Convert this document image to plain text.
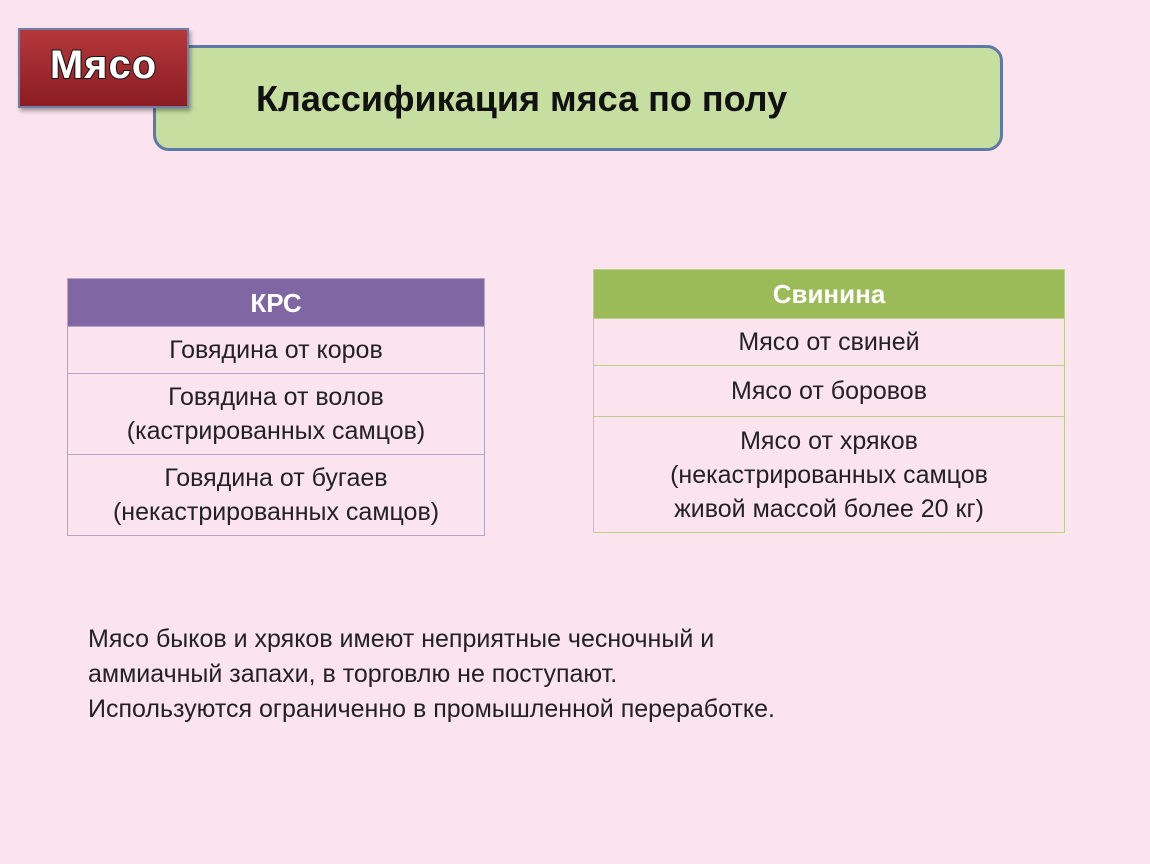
Классификация мяса по полу
Мясо
КРС

Говядина от коров

Говядина от волов
(кастрированных самцов)

Говядина от бугаев
(некастрированных самцов)
Свинина

Мясо от свиней

Мясо от боровов

Мясо от хряков
(некастрированных самцов
живой массой более 20 кг)

Мясо быков и хряков имеют неприятные чесночный и

аммиачный запахи, в торговлю не поступают.

Используются ограниченно в промышленной переработке.
